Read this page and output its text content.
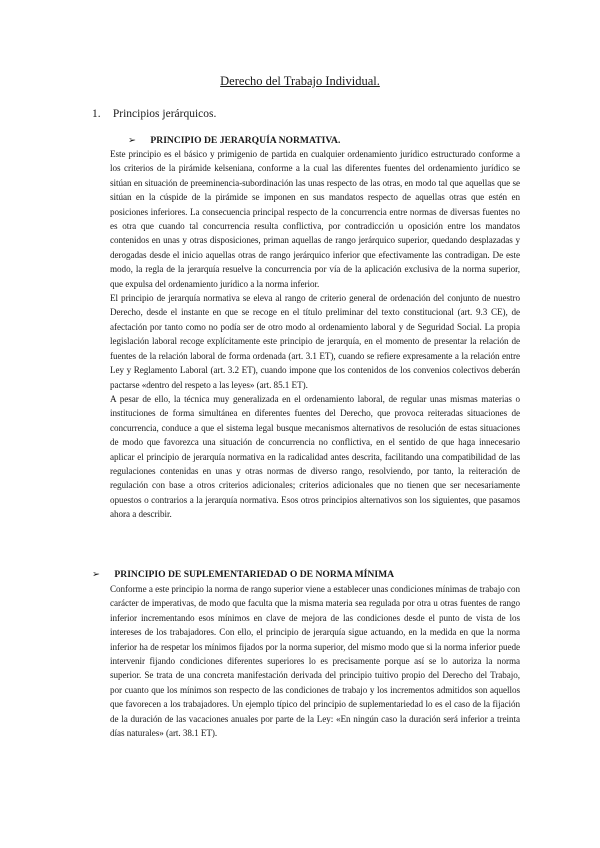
Derecho del Trabajo Individual.
1. Principios jerárquicos.
➢ PRINCIPIO DE JERARQUÍA NORMATIVA.

Este principio es el básico y primigenio de partida en cualquier ordenamiento jurídico estructurado conforme a los criterios de la pirámide kelseniana, conforme a la cual las diferentes fuentes del ordenamiento jurídico se sitúan en situación de preeminencia-subordinación las unas respecto de las otras, en modo tal que aquellas que se sitúan en la cúspide de la pirámide se imponen en sus mandatos respecto de aquellas otras que estén en posiciones inferiores. La consecuencia principal respecto de la concurrencia entre normas de diversas fuentes no es otra que cuando tal concurrencia resulta conflictiva, por contradicción u oposición entre los mandatos contenidos en unas y otras disposiciones, priman aquellas de rango jerárquico superior, quedando desplazadas y derogadas desde el inicio aquellas otras de rango jerárquico inferior que efectivamente las contradigan. De este modo, la regla de la jerarquía resuelve la concurrencia por vía de la aplicación exclusiva de la norma superior, que expulsa del ordenamiento jurídico a la norma inferior.

El principio de jerarquía normativa se eleva al rango de criterio general de ordenación del conjunto de nuestro Derecho, desde el instante en que se recoge en el título preliminar del texto constitucional (art. 9.3 CE), de afectación por tanto como no podía ser de otro modo al ordenamiento laboral y de Seguridad Social. La propia legislación laboral recoge explícitamente este principio de jerarquía, en el momento de presentar la relación de fuentes de la relación laboral de forma ordenada (art. 3.1 ET), cuando se refiere expresamente a la relación entre Ley y Reglamento Laboral (art. 3.2 ET), cuando impone que los contenidos de los convenios colectivos deberán pactarse «dentro del respeto a las leyes» (art. 85.1 ET).

A pesar de ello, la técnica muy generalizada en el ordenamiento laboral, de regular unas mismas materias o instituciones de forma simultánea en diferentes fuentes del Derecho, que provoca reiteradas situaciones de concurrencia, conduce a que el sistema legal busque mecanismos alternativos de resolución de estas situaciones de modo que favorezca una situación de concurrencia no conflictiva, en el sentido de que haga innecesario aplicar el principio de jerarquía normativa en la radicalidad antes descrita, facilitando una compatibilidad de las regulaciones contenidas en unas y otras normas de diverso rango, resolviendo, por tanto, la reiteración de regulación con base a otros criterios adicionales; criterios adicionales que no tienen que ser necesariamente opuestos o contrarios a la jerarquía normativa. Esos otros principios alternativos son los siguientes, que pasamos ahora a describir.

➢ PRINCIPIO DE SUPLEMENTARIEDAD O DE NORMA MÍNIMA

Conforme a este principio la norma de rango superior viene a establecer unas condiciones mínimas de trabajo con carácter de imperativas, de modo que faculta que la misma materia sea regulada por otra u otras fuentes de rango inferior incrementando esos mínimos en clave de mejora de las condiciones desde el punto de vista de los intereses de los trabajadores. Con ello, el principio de jerarquía sigue actuando, en la medida en que la norma inferior ha de respetar los mínimos fijados por la norma superior, del mismo modo que si la norma inferior puede intervenir fijando condiciones diferentes superiores lo es precisamente porque así se lo autoriza la norma superior. Se trata de una concreta manifestación derivada del principio tuitivo propio del Derecho del Trabajo, por cuanto que los mínimos son respecto de las condiciones de trabajo y los incrementos admitidos son aquellos que favorecen a los trabajadores. Un ejemplo típico del principio de suplementariedad lo es el caso de la fijación de la duración de las vacaciones anuales por parte de la Ley: «En ningún caso la duración será inferior a treinta días naturales» (art. 38.1 ET).
